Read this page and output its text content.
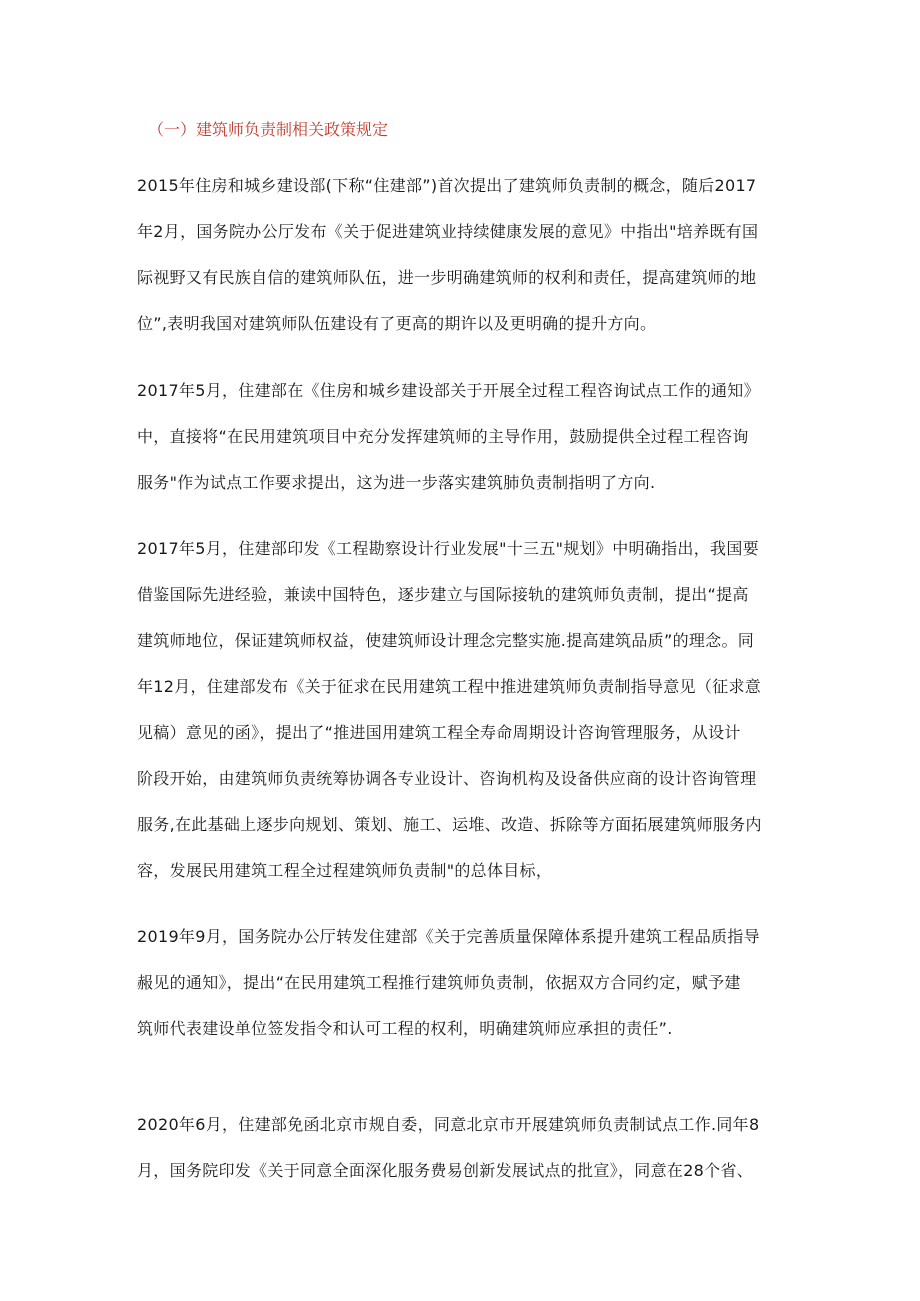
（一）建筑师负责制相关政策规定
2015年住房和城乡建设部(下称“住建部”)首次提出了建筑师负责制的概念，随后2017
年2月，国务院办公厅发布《关于促进建筑业持续健康发展的意见》中指出"培养既有国
际视野又有民族自信的建筑师队伍，进一步明确建筑师的权利和责任，提高建筑师的地
位”,表明我国对建筑师队伍建设有了更高的期许以及更明确的提升方向。
2017年5月，住建部在《住房和城乡建设部关于开展全过程工程咨询试点工作的通知》
中，直接将“在民用建筑项目中充分发挥建筑师的主导作用，鼓励提供全过程工程咨询
服务"作为试点工作要求提出，这为进一步落实建筑肺负责制指明了方向.
2017年5月，住建部印发《工程勘察设计行业发展"十三五"规划》中明确指出，我国要
借鉴国际先进经验，兼读中国特色，逐步建立与国际接轨的建筑师负责制，提出“提高
建筑师地位，保证建筑师权益，使建筑师设计理念完整实施.提高建筑品质”的理念。同
年12月，住建部发布《关于征求在民用建筑工程中推进建筑师负责制指导意见（征求意
见稿）意见的函》，提出了“推进国用建筑工程全寿命周期设计咨询管理服务，从设计
阶段开始，由建筑师负责统筹协调各专业设计、咨询机构及设备供应商的设计咨询管理
服务,在此基础上逐步向规划、策划、施工、运堆、改造、拆除等方面拓展建筑师服务内
容，发展民用建筑工程全过程建筑师负责制"的总体目标，
2019年9月，国务院办公厅转发住建部《关于完善质量保障体系提升建筑工程品质指导
赧见的通知》，提出“在民用建筑工程推行建筑师负责制，依据双方合同约定，赋予建
筑师代表建设单位签发指令和认可工程的权利，明确建筑师应承担的责任”.
2020年6月，住建部免函北京市规自委，同意北京市开展建筑师负责制试点工作.同年8
月，国务院印发《关于同意全面深化服务费易创新发展试点的批宣》，同意在28个省、
